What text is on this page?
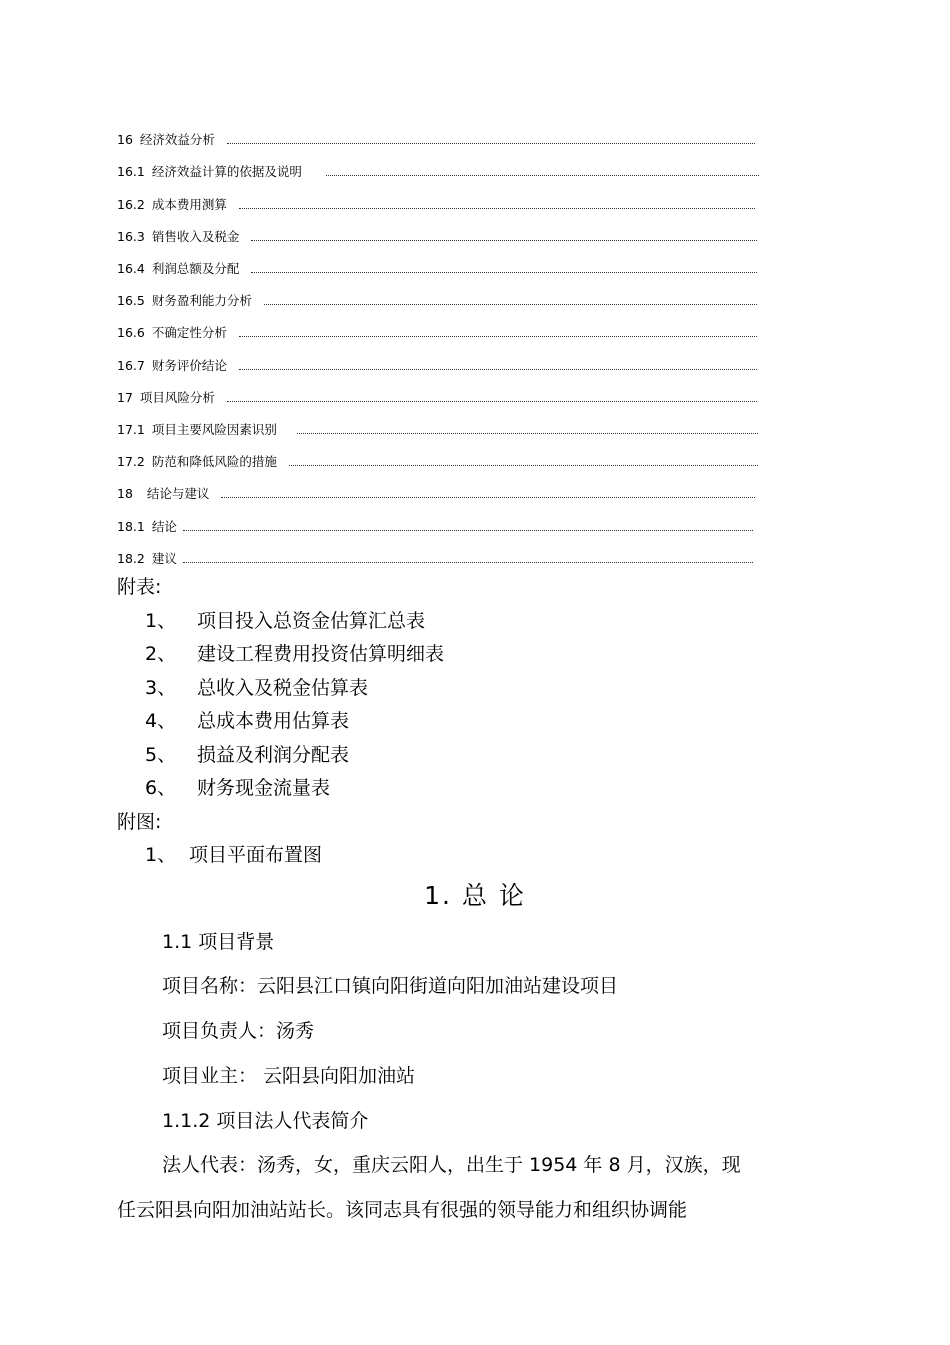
16 经济效益分析
16.1 经济效益计算的依据及说明
16.2 成本费用测算
16.3 销售收入及税金
16.4 利润总额及分配
16.5 财务盈利能力分析
16.6 不确定性分析
16.7 财务评价结论
17 项目风险分析
17.1 项目主要风险因素识别
17.2 防范和降低风险的措施
18 结论与建议
18.1 结论
18.2 建议
附表:
1、 项目投入总资金估算汇总表
2、 建设工程费用投资估算明细表
3、 总收入及税金估算表
4、 总成本费用估算表
5、 损益及利润分配表
6、 财务现金流量表
附图:
1、 项目平面布置图
1. 总 论
1.1 项目背景
项目名称：云阳县江口镇向阳街道向阳加油站建设项目
项目负责人：汤秀
项目业主： 云阳县向阳加油站
1.1.2 项目法人代表简介
法人代表：汤秀，女，重庆云阳人，出生于 1954 年 8 月，汉族，现
任云阳县向阳加油站站长。该同志具有很强的领导能力和组织协调能
